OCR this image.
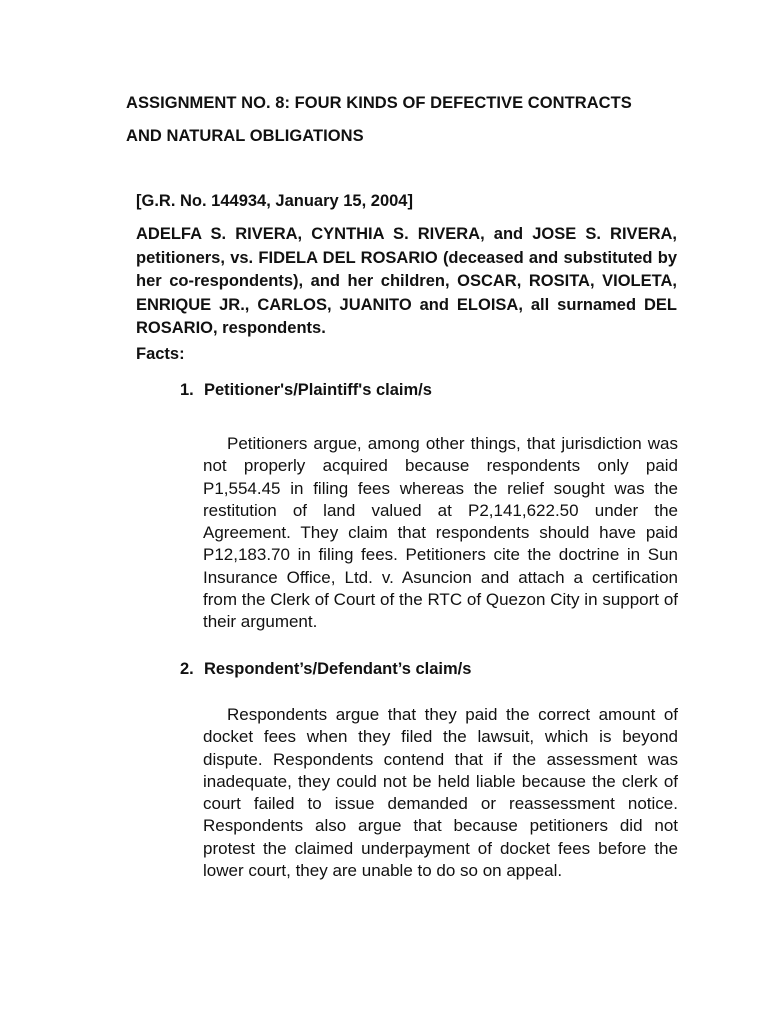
ASSIGNMENT NO. 8: FOUR KINDS OF DEFECTIVE CONTRACTS
AND NATURAL OBLIGATIONS
[G.R. No. 144934, January 15, 2004]
ADELFA S. RIVERA, CYNTHIA S. RIVERA, and JOSE S. RIVERA, petitioners, vs. FIDELA DEL ROSARIO (deceased and substituted by her co-respondents), and her children, OSCAR, ROSITA, VIOLETA, ENRIQUE JR., CARLOS, JUANITO and ELOISA, all surnamed DEL ROSARIO, respondents.
Facts:
1. Petitioner's/Plaintiff's claim/s
Petitioners argue, among other things, that jurisdiction was not properly acquired because respondents only paid P1,554.45 in filing fees whereas the relief sought was the restitution of land valued at P2,141,622.50 under the Agreement. They claim that respondents should have paid P12,183.70 in filing fees. Petitioners cite the doctrine in Sun Insurance Office, Ltd. v. Asuncion and attach a certification from the Clerk of Court of the RTC of Quezon City in support of their argument.
2. Respondent’s/Defendant’s claim/s
Respondents argue that they paid the correct amount of docket fees when they filed the lawsuit, which is beyond dispute. Respondents contend that if the assessment was inadequate, they could not be held liable because the clerk of court failed to issue demanded or reassessment notice. Respondents also argue that because petitioners did not protest the claimed underpayment of docket fees before the lower court, they are unable to do so on appeal.
